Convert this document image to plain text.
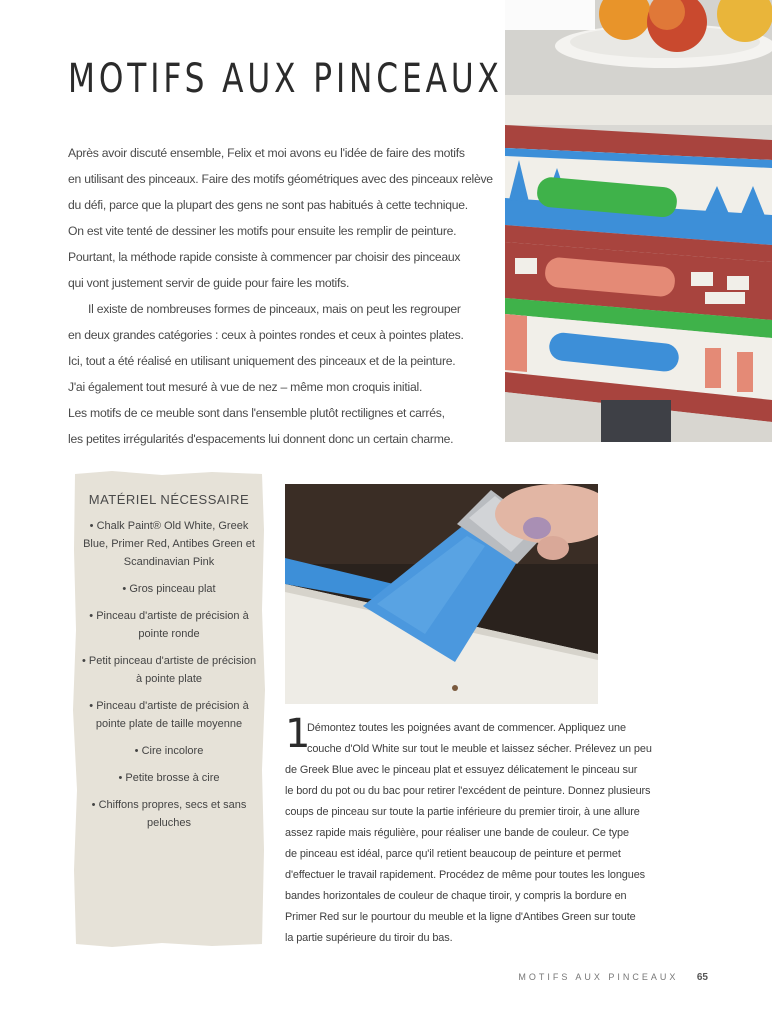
MOTIFS AUX PINCEAUX

Après avoir discuté ensemble, Felix et moi avons eu l'idée de faire des motifs
en utilisant des pinceaux. Faire des motifs géométriques avec des pinceaux relève
du défi, parce que la plupart des gens ne sont pas habitués à cette technique.
On est vite tenté de dessiner les motifs pour ensuite les remplir de peinture.
Pourtant, la méthode rapide consiste à commencer par choisir des pinceaux
qui vont justement servir de guide pour faire les motifs.

Il existe de nombreuses formes de pinceaux, mais on peut les regrouper
en deux grandes catégories : ceux à pointes rondes et ceux à pointes plates.
Ici, tout a été réalisé en utilisant uniquement des pinceaux et de la peinture.
J'ai également tout mesuré à vue de nez – même mon croquis initial.
Les motifs de ce meuble sont dans l'ensemble plutôt rectilignes et carrés,
les petites irrégularités d'espacements lui donnent donc un certain charme.

MATÉRIEL NÉCESSAIRE
• Chalk Paint® Old White, Greek Blue, Primer Red, Antibes Green et Scandinavian Pink
• Gros pinceau plat
• Pinceau d'artiste de précision à pointe ronde
• Petit pinceau d'artiste de précision à pointe plate
• Pinceau d'artiste de précision à pointe plate de taille moyenne
• Cire incolore
• Petite brosse à cire
• Chiffons propres, secs et sans peluches
1
Démontez toutes les poignées avant de commencer. Appliquez une
couche d'Old White sur tout le meuble et laissez sécher. Prélevez un peu
de Greek Blue avec le pinceau plat et essuyez délicatement le pinceau sur
le bord du pot ou du bac pour retirer l'excédent de peinture. Donnez plusieurs
coups de pinceau sur toute la partie inférieure du premier tiroir, à une allure
assez rapide mais régulière, pour réaliser une bande de couleur. Ce type
de pinceau est idéal, parce qu'il retient beaucoup de peinture et permet
d'effectuer le travail rapidement. Procédez de même pour toutes les longues
bandes horizontales de couleur de chaque tiroir, y compris la bordure en
Primer Red sur le pourtour du meuble et la ligne d'Antibes Green sur toute
la partie supérieure du tiroir du bas.
MOTIFS AUX PINCEAUX 65
